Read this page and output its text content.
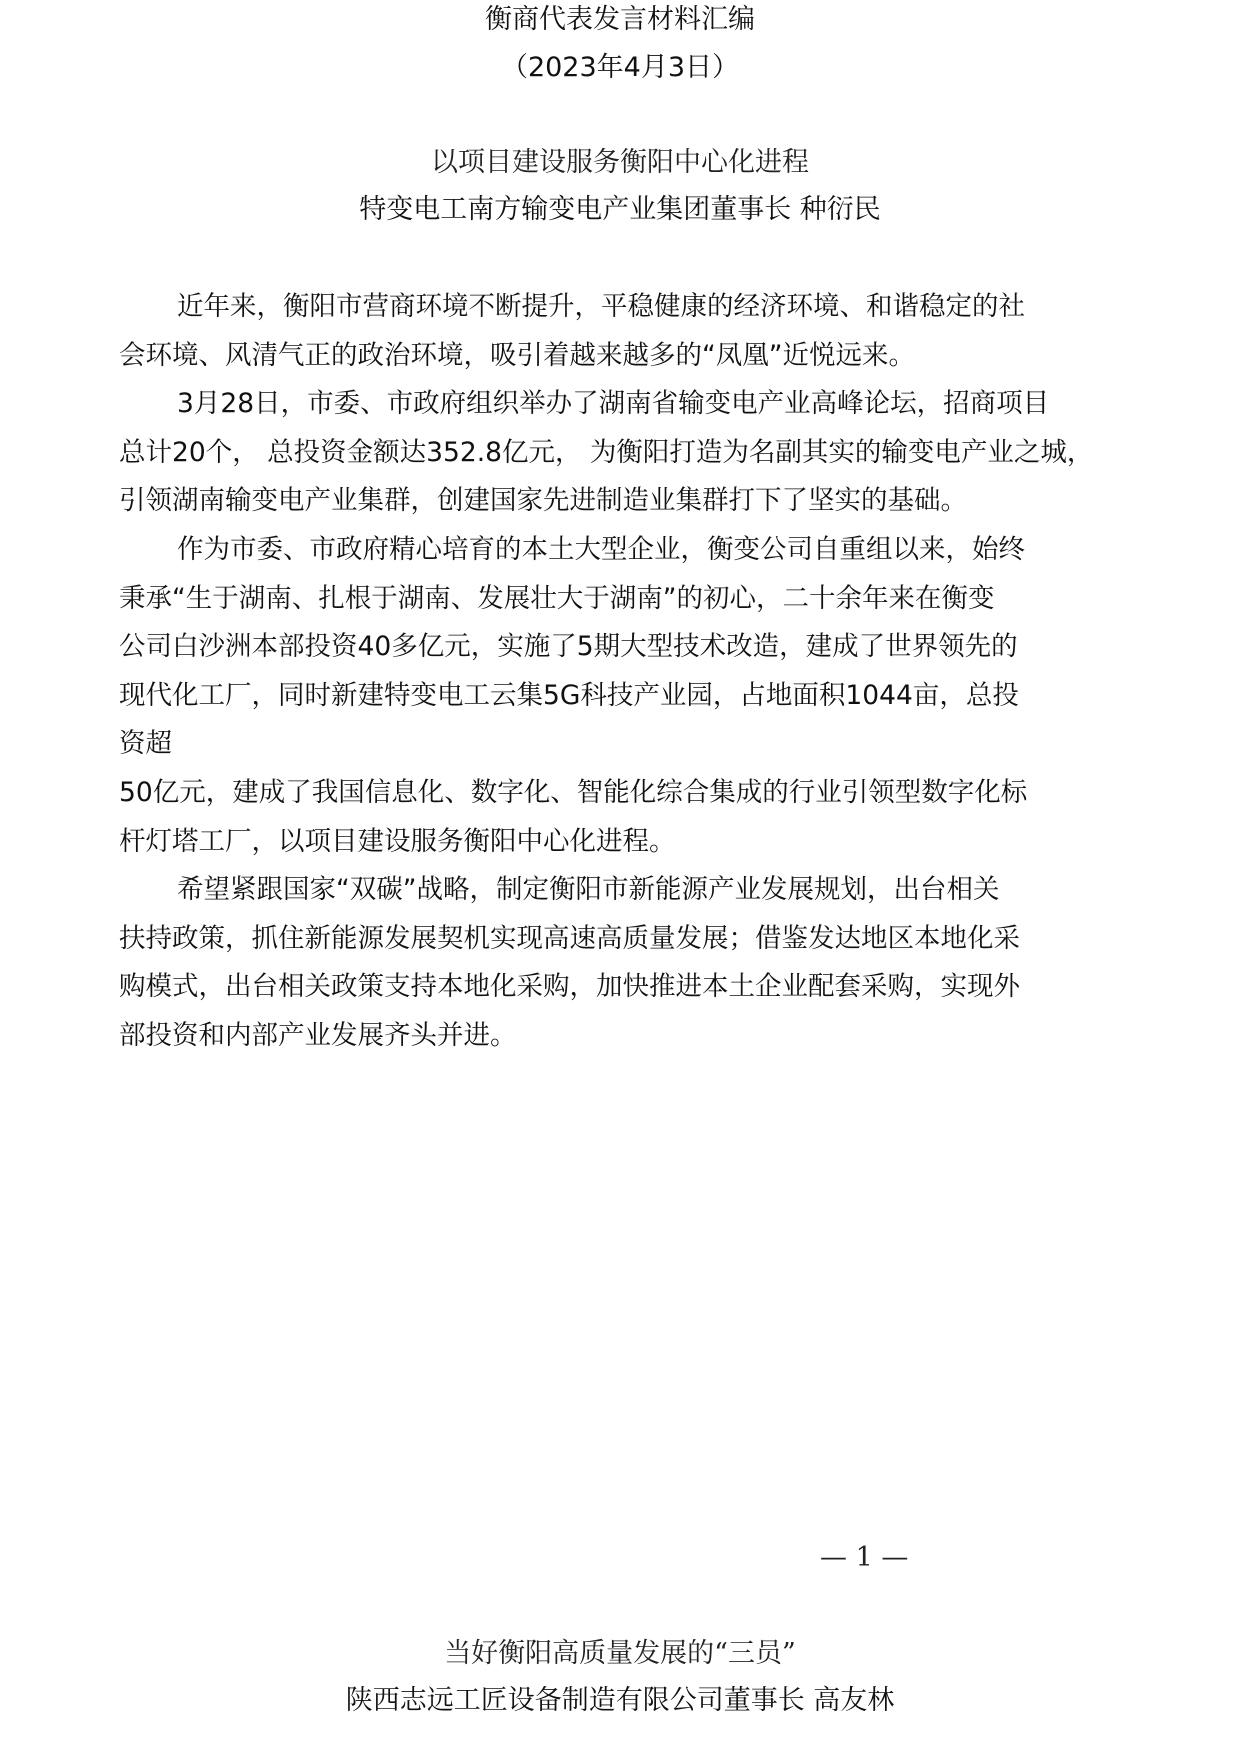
衡商代表发言材料汇编
（2023年4月3日）
以项目建设服务衡阳中心化进程
特变电工南方输变电产业集团董事长 种衍民
近年来，衡阳市营商环境不断提升，平稳健康的经济环境、和谐稳定的社
会环境、风清气正的政治环境，吸引着越来越多的“凤凰”近悦远来。
3月28日，市委、市政府组织举办了湖南省输变电产业高峰论坛，招商项目
总计20个， 总投资金额达352.8亿元， 为衡阳打造为名副其实的输变电产业之城，
引领湖南输变电产业集群，创建国家先进制造业集群打下了坚实的基础。
作为市委、市政府精心培育的本土大型企业，衡变公司自重组以来，始终
秉承“生于湖南、扎根于湖南、发展壮大于湖南”的初心，二十余年来在衡变
公司白沙洲本部投资40多亿元，实施了5期大型技术改造，建成了世界领先的
现代化工厂，同时新建特变电工云集5G科技产业园，占地面积1044亩，总投
资超
50亿元，建成了我国信息化、数字化、智能化综合集成的行业引领型数字化标
杆灯塔工厂，以项目建设服务衡阳中心化进程。
希望紧跟国家“双碳”战略，制定衡阳市新能源产业发展规划，出台相关
扶持政策，抓住新能源发展契机实现高速高质量发展；借鉴发达地区本地化采
购模式，出台相关政策支持本地化采购，加快推进本土企业配套采购，实现外
部投资和内部产业发展齐头并进。
— 1 —
当好衡阳高质量发展的“三员”
陕西志远工匠设备制造有限公司董事长 高友林
